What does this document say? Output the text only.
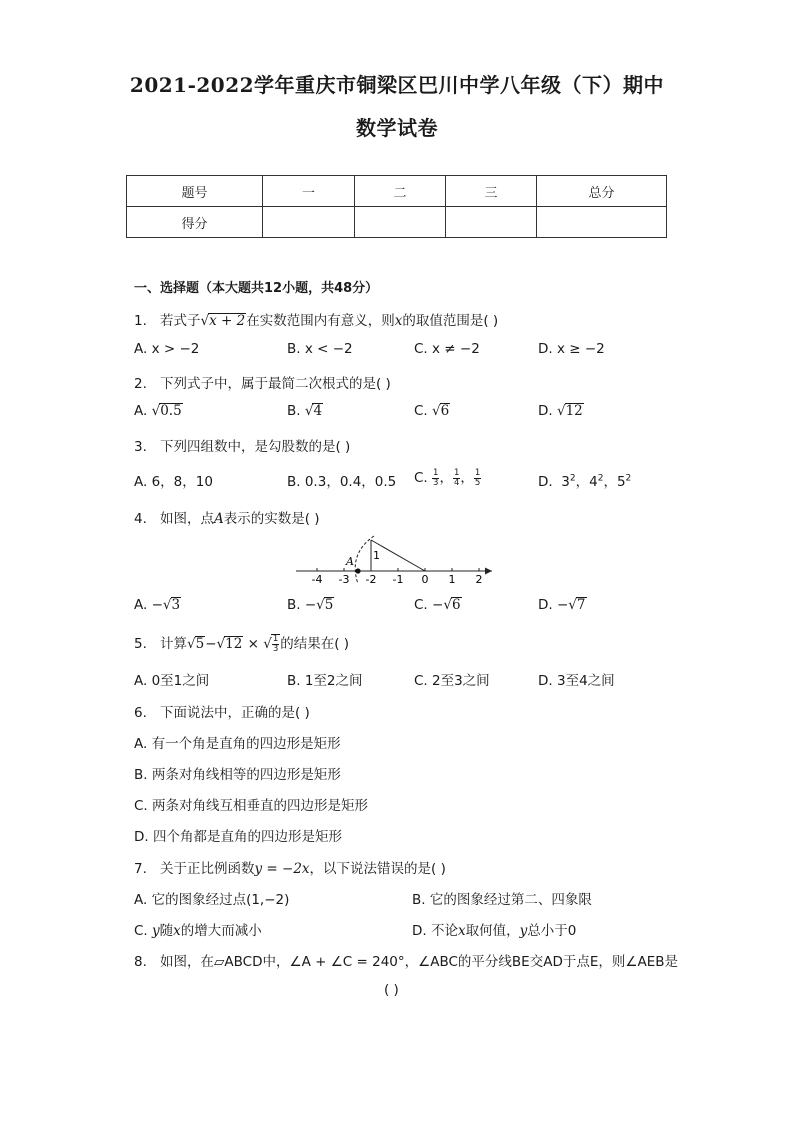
2021-2022学年重庆市铜梁区巴川中学八年级（下）期中
数学试卷
题号	一	二	三	总分
得分				
一、选择题（本大题共12小题，共48分）
1. 若式子√x + 2在实数范围内有意义，则x的取值范围是( )
A. x > −2	B. x < −2	C. x ≠ −2	D. x ≥ −2
2. 下列式子中，属于最简二次根式的是( )
A. √0.5	B. √4	C. √6	D. √12
3. 下列四组数中，是勾股数的是( )
A. 6，8，10	B. 0.3，0.4，0.5 C. $\frac{1}{3}$ ， $\frac{1}{4}$ ， $\frac{1}{5}$	D. $3^2$，$4^2$，$5^2$
4. 如图，点A表示的实数是( )
-4 -3 -2 -1 0 1 2
A 1
A. −√3	B. −√5	C. −√6	D. −√7
5. 计算√5−√12 × √ $\frac{1}{3}$ 的结果在( )
A. 0至1之间	B. 1至2之间	C. 2至3之间	D. 3至4之间
6. 下面说法中，正确的是( )
A. 有一个角是直角的四边形是矩形
B. 两条对角线相等的四边形是矩形
C. 两条对角线互相垂直的四边形是矩形
D. 四个角都是直角的四边形是矩形
7. 关于正比例函数y = −2x，以下说法错误的是( )
A. 它的图象经过点(1,−2)	B. 它的图象经过第二、四象限
C. y随x的增大而减小	D. 不论x取何值，y总小于0
8. 如图，在▱ABCD中，∠A + ∠C = 240°，∠ABC的平分线BE交AD于点E，则∠AEB是
( )
